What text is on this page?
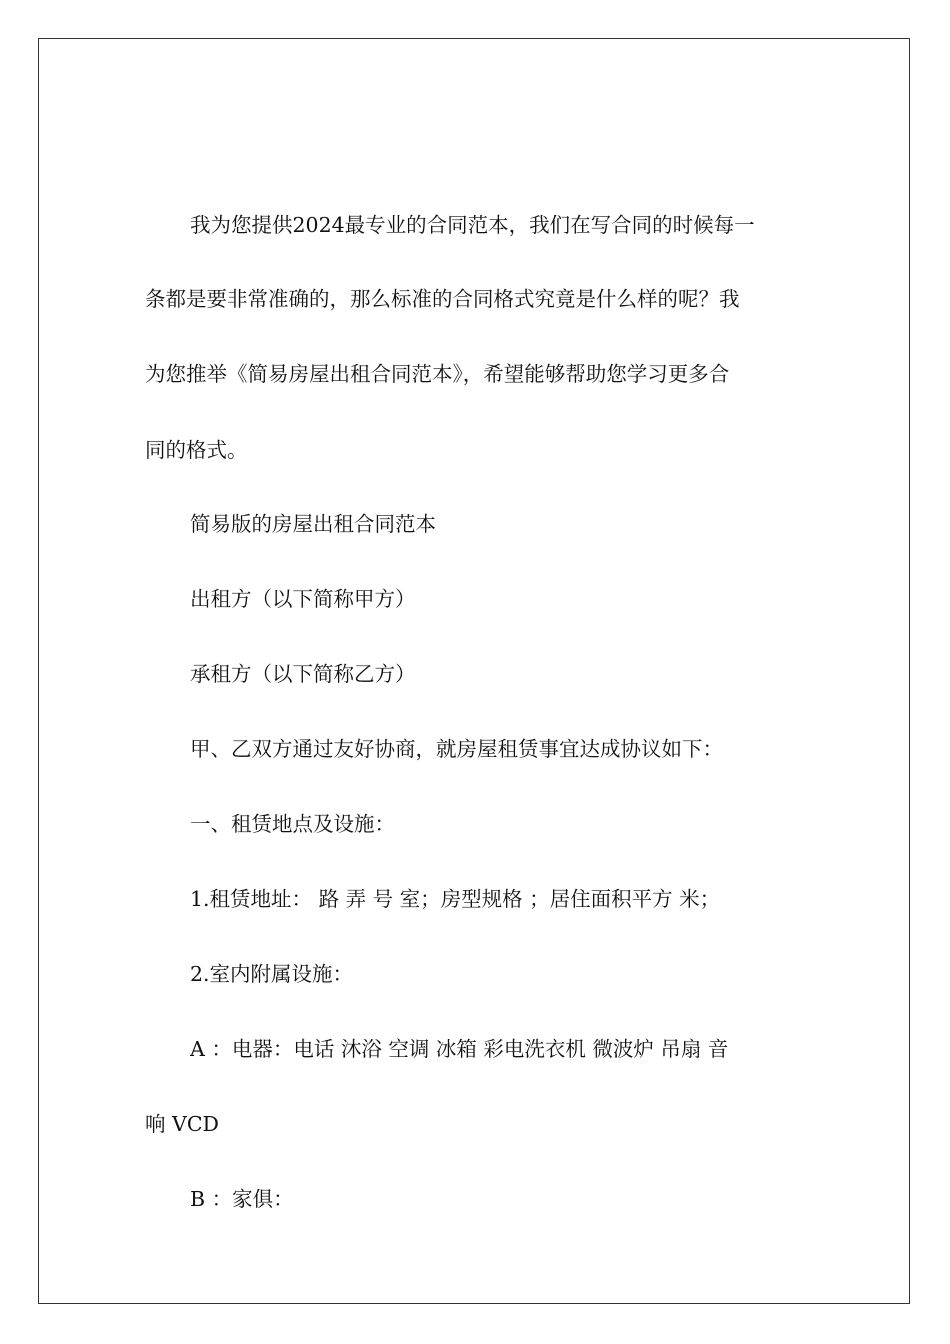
我为您提供2024最专业的合同范本，我们在写合同的时候每一

条都是要非常准确的，那么标准的合同格式究竟是什么样的呢？我

为您推举《简易房屋出租合同范本》，希望能够帮助您学习更多合

同的格式。

简易版的房屋出租合同范本

出租方（以下简称甲方）

承租方（以下简称乙方）

甲、乙双方通过友好协商，就房屋租赁事宜达成协议如下：

一、租赁地点及设施：

1.租赁地址： 路 弄 号 室；房型规格 ；居住面积平方 米；

2.室内附属设施：

A ：电器：电话 沐浴 空调 冰箱 彩电洗衣机 微波炉 吊扇 音

响 VCD

B ：家俱：
